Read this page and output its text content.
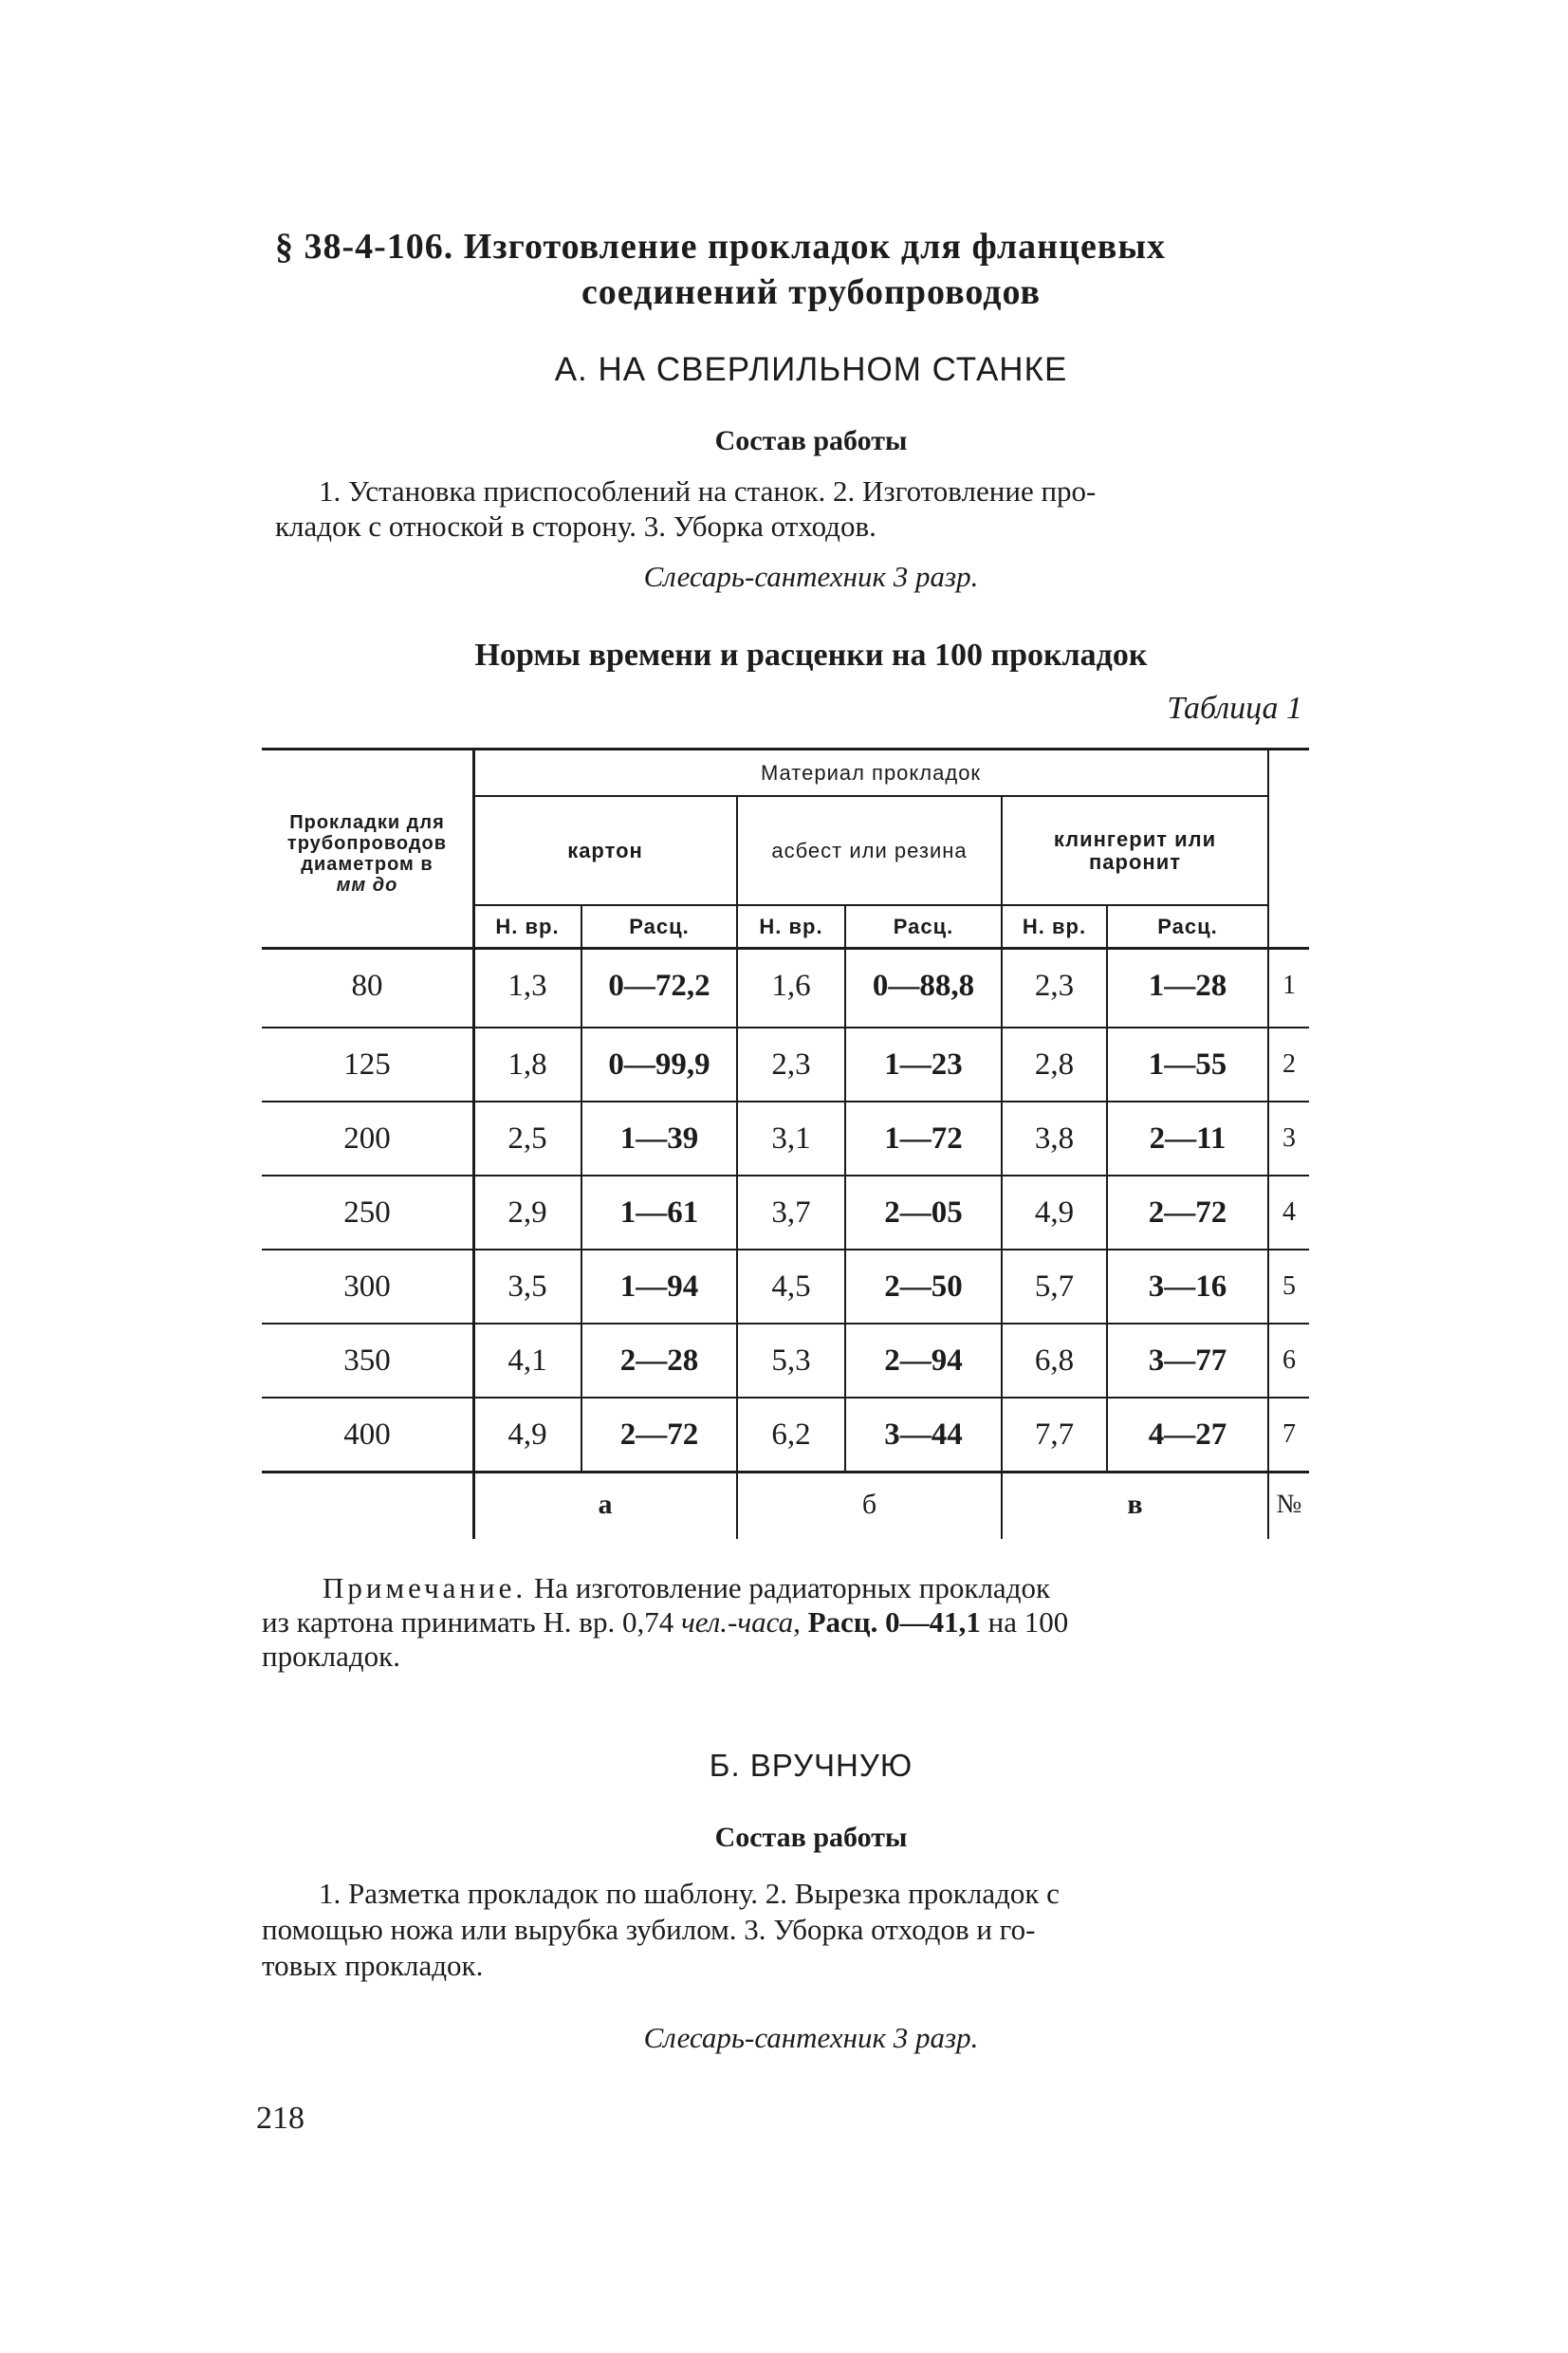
§ 38-4-106. Изготовление прокладок для фланцевых
соединений трубопроводов
А. НА СВЕРЛИЛЬНОМ СТАНКЕ
Состав работы
1. Установка приспособлений на станок. 2. Изготовление про-
кладок с отноской в сторону. 3. Уборка отходов.
Слесарь-сантехник 3 разр.
Нормы времени и расценки на 100 прокладок
Таблица 1
Прокладки для
трубопроводов
диаметром в
мм до
Материал прокладок
картон	асбест или резина	клингерит или
паронит
Н. вр.	Расц.	Н. вр.	Расц.	Н. вр.	Расц.
80	1,3	0—72,2	1,6	0—88,8	2,3	1—28	1
125	1,8	0—99,9	2,3	1—23	2,8	1—55	2
200	2,5	1—39	3,1	1—72	3,8	2—11	3
250	2,9	1—61	3,7	2—05	4,9	2—72	4
300	3,5	1—94	4,5	2—50	5,7	3—16	5
350	4,1	2—28	5,3	2—94	6,8	3—77	6
400	4,9	2—72	6,2	3—44	7,7	4—27	7
а	б	в	№
Примечание. На изготовление радиаторных прокладок
из картона принимать Н. вр. 0,74 чел.-часа, Расц. 0—41,1 на 100
прокладок.
Б. ВРУЧНУЮ
Состав работы
1. Разметка прокладок по шаблону. 2. Вырезка прокладок с
помощью ножа или вырубка зубилом. 3. Уборка отходов и го-
товых прокладок.
Слесарь-сантехник 3 разр.
218
